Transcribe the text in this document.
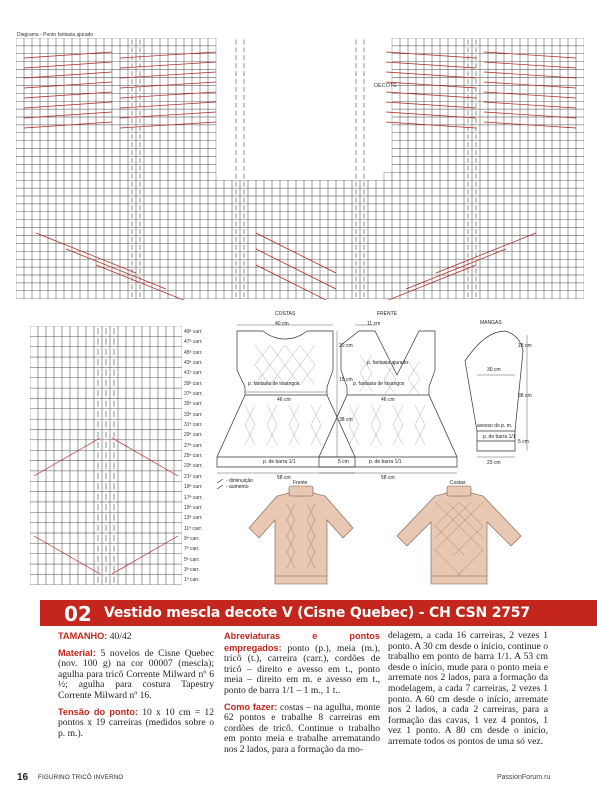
Diagrama - Ponto fantasia ajurado
DECOTE
49ª carr.
47ª carr.
45ª carr.
43ª carr.
41ª carr.
39ª carr.
37ª carr.
35ª carr.
33ª carr.
31ª carr.
29ª carr.
27ª carr.
25ª carr.
23ª carr.
21ª carr.
19ª carr.
17ª carr.
15ª carr.
13ª carr.
11ª carr.
9ª carr.
7ª carr.
5ª carr.
3ª carr.
1ª carr.
COSTAS	FRENTE
MANGAS
40 cm	11 cm
p. fantasia ajurado
p. fantasia de losangos	p. fantasia de losangos
46 cm	46 cm
p. de barra 1/1	p. de barra 1/1
58 cm	58 cm
20 cm
15 cm
38 cm
5 cm
30 cm
avesso do p. m.
p. de barra 1/1
23 cm
18 cm
38 cm
5 cm
- diminuição
- aumento
Frente	Costas
02 Vestido mescla decote V (Cisne Quebec) - CH CSN 2757

TAMANHO: 40/42

Material: 5 novelos de Cisne Quebec (nov. 100 g) na cor 00007 (mescla); agulha para tricô Corrente Milward nº 6 ½; agulha para costura Tapestry Corrente Milward nº 16.

Tensão do ponto: 10 x 10 cm = 12 pontos x 19 carreiras (medidos sobre o p. m.).

Abreviaturas e pontos empregados: ponto (p.), meia (m.), tricô (t.), carreira (carr.), cordões de tricô – direito e avesso em t., ponto meia – direito em m. e avesso em t., ponto de barra 1/1 – 1 m., 1 t..

Como fazer: costas – na agulha, monte 62 pontos e trabalhe 8 carreiras em cordões de tricô. Continue o trabalho em ponto meia e trabalhe arrematando nos 2 lados, para a formação da mo-

delagem, a cada 16 carreiras, 2 vezes 1 ponto. A 30 cm desde o início, continue o trabalho em ponto de barra 1/1. A 53 cm desde o início, mude para o ponto meia e arremate nos 2 lados, para a formação da modelagem, a cada 7 carreiras, 2 vezes 1 ponto. A 60 cm desde o início, arremate nos 2 lados, a cada 2 carreiras, para a formação das cavas, 1 vez 4 pontos, 1 vez 1 ponto. A 80 cm desde o início, arremate todos os pontos de uma só vez.

16 FIGURINO TRICÔ INVERNO	PassionForum.ru
